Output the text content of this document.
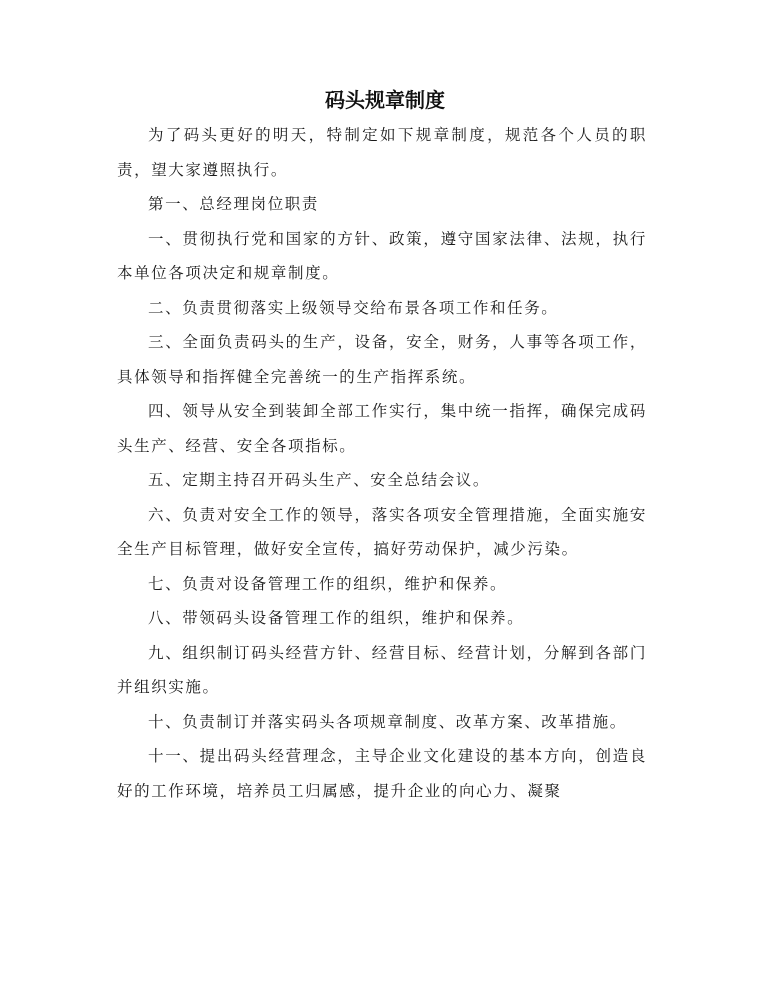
码头规章制度

为了码头更好的明天，特制定如下规章制度，规范各个人员的职责，望大家遵照执行。

第一、总经理岗位职责

一、贯彻执行党和国家的方针、政策，遵守国家法律、法规，执行本单位各项决定和规章制度。

二、负责贯彻落实上级领导交给布景各项工作和任务。

三、全面负责码头的生产，设备，安全，财务，人事等各项工作，具体领导和指挥健全完善统一的生产指挥系统。

四、领导从安全到装卸全部工作实行，集中统一指挥，确保完成码头生产、经营、安全各项指标。

五、定期主持召开码头生产、安全总结会议。

六、负责对安全工作的领导，落实各项安全管理措施，全面实施安全生产目标管理，做好安全宣传，搞好劳动保护，减少污染。

七、负责对设备管理工作的组织，维护和保养。

八、带领码头设备管理工作的组织，维护和保养。

九、组织制订码头经营方针、经营目标、经营计划，分解到各部门并组织实施。

十、负责制订并落实码头各项规章制度、改革方案、改革措施。

十一、提出码头经营理念，主导企业文化建设的基本方向，创造良好的工作环境，培养员工归属感，提升企业的向心力、凝聚
